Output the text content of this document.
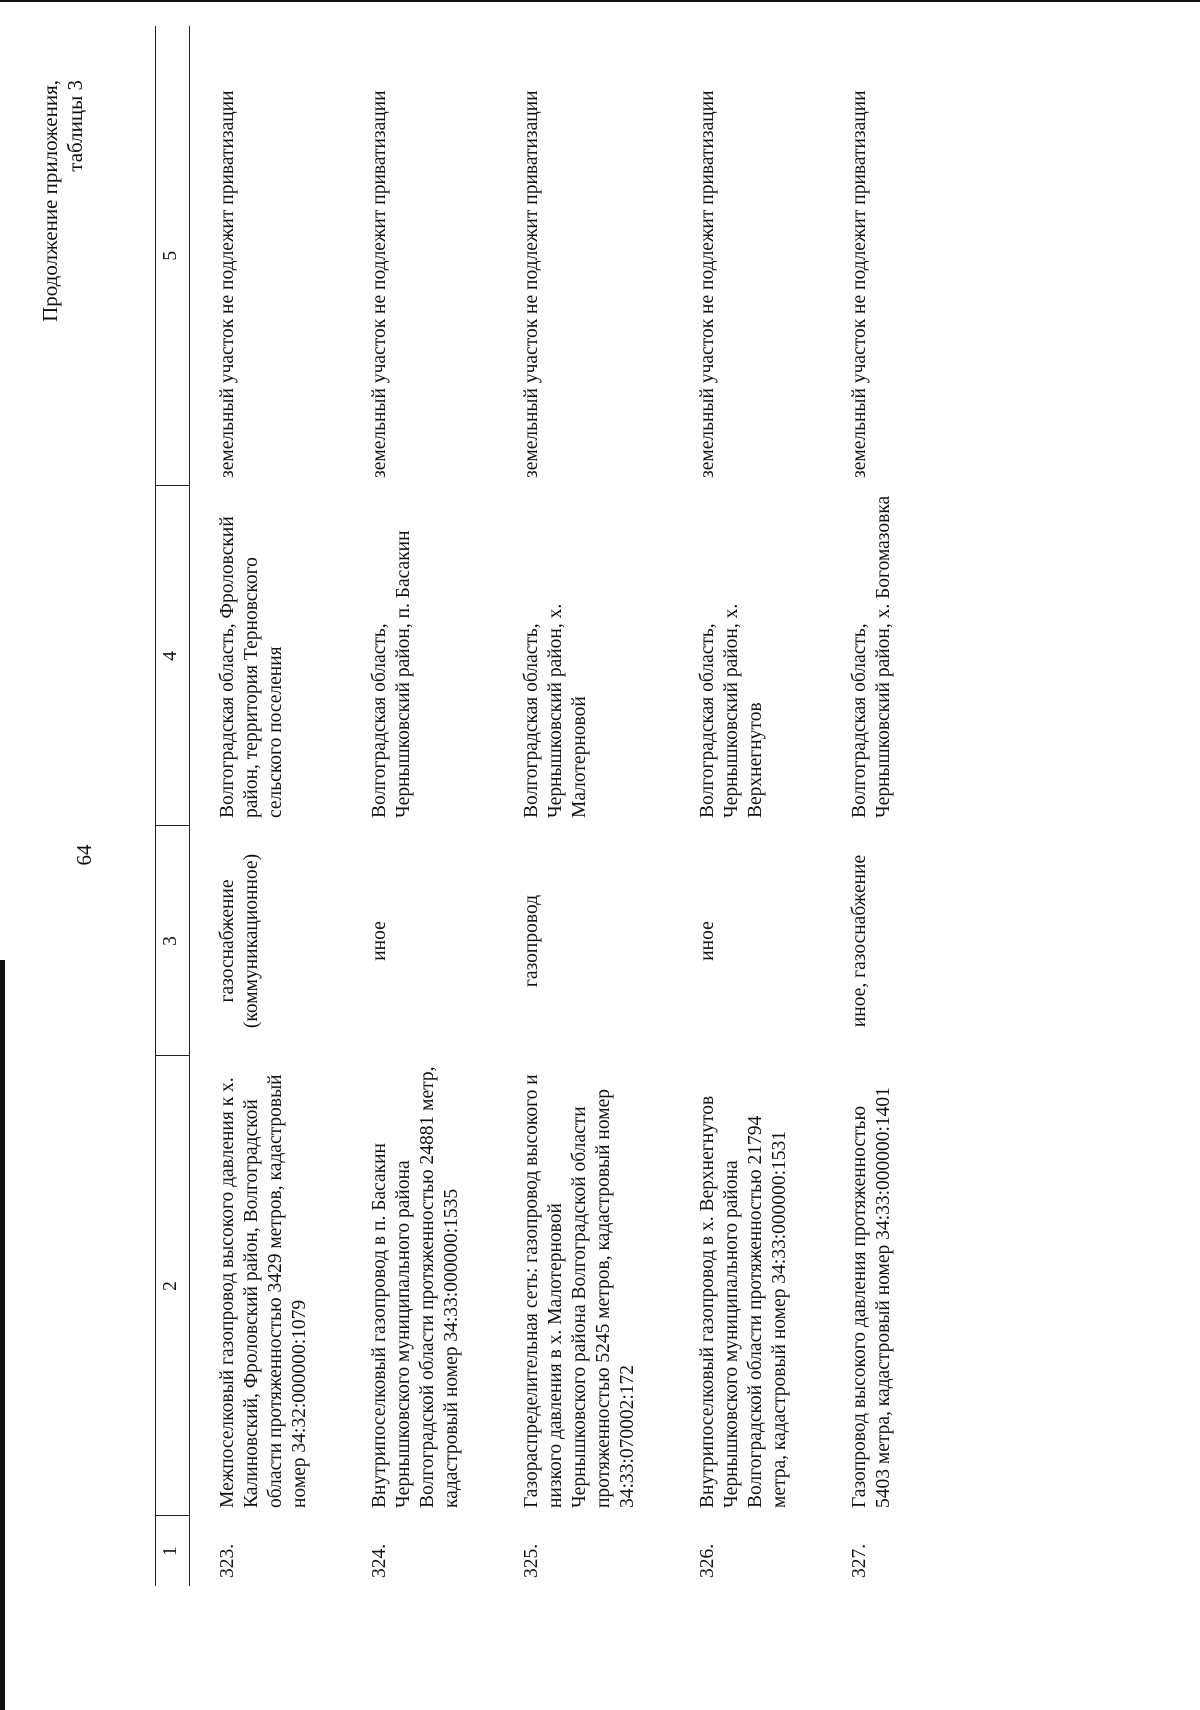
64
Продолжение приложения, таблицы 3
1	2	3	4	5
323.	Межпоселковый газопровод высокого давления к х. Калиновский, Фроловский район, Волгоградской области протяженностью 3429 метров, кадастровый номер 34:32:000000:1079	газоснабжение (коммуникационное)	Волгоградская область, Фроловский район, территория Терновского сельского поселения	земельный участок не подлежит приватизации
324.	Внутрипоселковый газопровод в п. Басакин Чернышковского муниципального района Волгоградской области протяженностью 24881 метр, кадастровый номер 34:33:000000:1535	иное	Волгоградская область, Чернышковский район, п. Басакин	земельный участок не подлежит приватизации
325.	Газораспределительная сеть: газопровод высокого и низкого давления в х. Малотерновой Чернышковского района Волгоградской области протяженностью 5245 метров, кадастровый номер 34:33:070002:172	газопровод	Волгоградская область, Чернышковский район, х. Малотерновой	земельный участок не подлежит приватизации
326.	Внутрипоселковый газопровод в х. Верхнегнутов Чернышковского муниципального района Волгоградской области протяженностью 21794 метра, кадастровый номер 34:33:000000:1531	иное	Волгоградская область, Чернышковский район, х. Верхнегнутов	земельный участок не подлежит приватизации
327.	Газопровод высокого давления протяженностью 5403 метра, кадастровый номер 34:33:000000:1401	иное, газоснабжение	Волгоградская область, Чернышковский район, х. Богомазовка	земельный участок не подлежит приватизации
